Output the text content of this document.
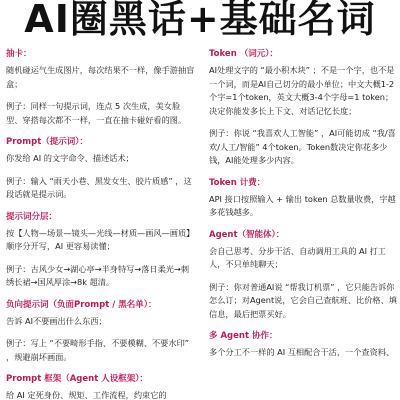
AI圈黑话+基础名词
抽卡：
随机碰运气生成图片，每次结果不一样，像手游抽盲盒；
例子：同样一句提示词，连点 5 次生成，美女脸型、穿搭每次都不一样，一直在抽卡碰好看的图。
Prompt（提示词）：
你发给 AI 的文字命令、描述话术；
例子：输入 “雨天小巷、黑发女生、胶片质感” ，这段话就是提示词。
提示词分层：
按【人物—场景—镜头—光线—材质—画风—画质】顺序分开写，AI 更容易读懂；
例子：古风少女→湖心亭→半身特写→落日柔光→刺绣长裙→国风厚涂→8k 超清。
负向提示词（负面Prompt / 黑名单）：
告诉 AI不要画出什么东西；
例子：写上 “不要畸形手指、不要模糊、不要水印” ，规避崩坏画面。
Prompt 框架（Agent 人设框架）：
给 AI 定死身份、规矩、工作流程，约束它的
Token （词元）：
AI处理文字的 “最小积木块” ；不是一个字，也不是一个词，而是AI自己切分的最小单位；中文大概1-2个字=1个token，英文大概3-4个字母=1 token；决定你能发多长上下文、对话记忆长度；
例子：你说 “我喜欢人工智能” ，AI可能切成 “我/喜欢/人工/智能” 4个token。Token数决定你花多少钱，AI能处理多少内容。
Token 计费：
API 接口按照输入 + 输出 token 总数量收费，字越多花钱越多。
Agent（智能体）：
会自己思考、分步干活、自动调用工具的 AI 打工人，不只单纯聊天；
例子：你对普通AI说 “帮我订机票” ，它只能告诉你怎么订；对Agent说，它会自己查航班、比价格、填信息，最后把票买好。
多 Agent 协作：
多个分工不一样的 AI 互相配合干活，一个查资料、
